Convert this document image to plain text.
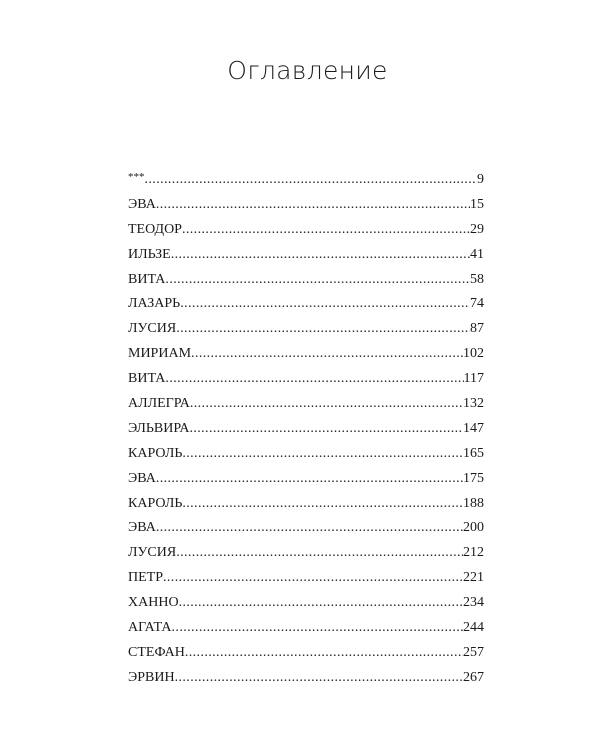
Оглавление
*** .....	9
ЭВА .....	15
ТЕОДОР .....	29
ИЛЬЗЕ .....	41
ВИТА .....	58
ЛАЗАРЬ .....	74
ЛУСИЯ .....	87
МИРИАМ .....	102
ВИТА .....	117
АЛЛЕГРА .....	132
ЭЛЬВИРА .....	147
КАРОЛЬ .....	165
ЭВА .....	175
КАРОЛЬ .....	188
ЭВА .....	200
ЛУСИЯ .....	212
ПЕТР .....	221
ХАННО .....	234
АГАТА .....	244
СТЕФАН .....	257
ЭРВИН .....	267
